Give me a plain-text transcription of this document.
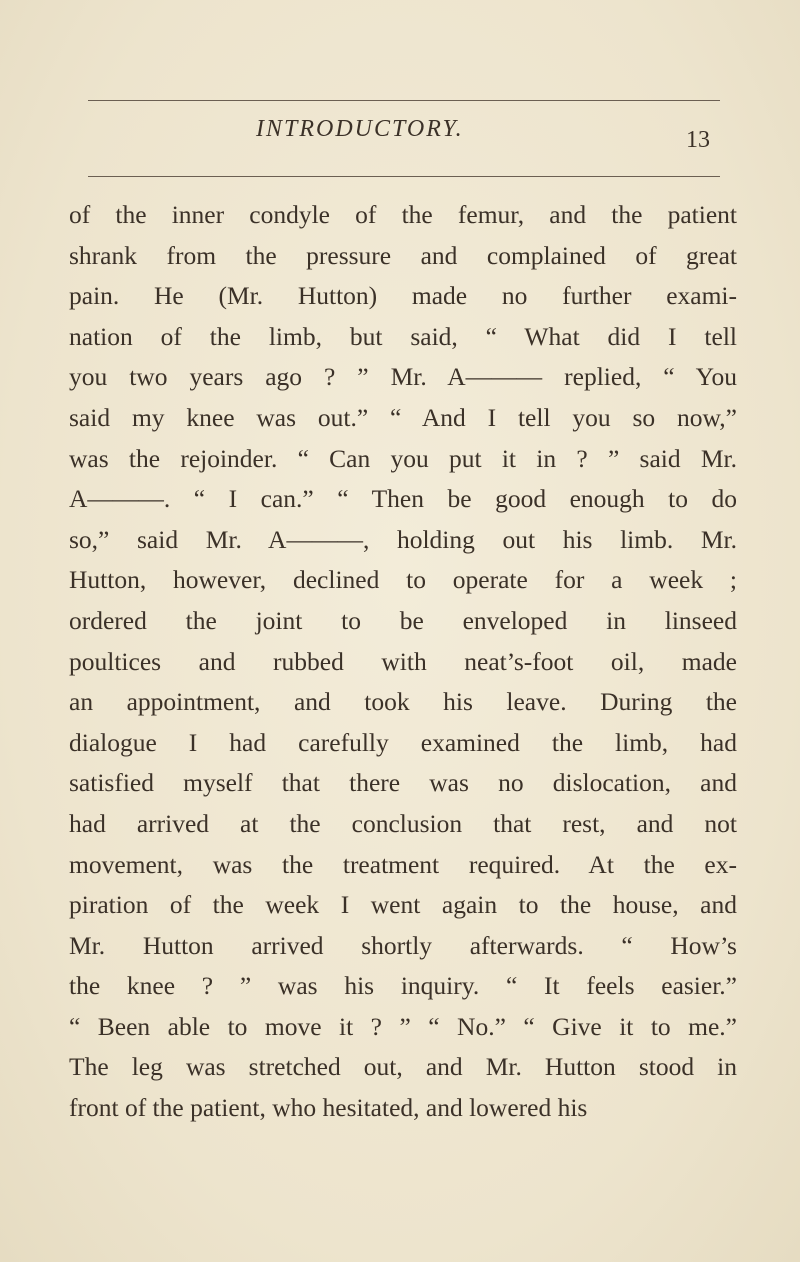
INTRODUCTORY.	13
of the inner condyle of the femur, and the patient
shrank from the pressure and complained of great
pain. He (Mr. Hutton) made no further exami-
nation of the limb, but said, “ What did I tell
you two years ago ? ” Mr. A——— replied, “ You
said my knee was out.” “ And I tell you so now,”
was the rejoinder. “ Can you put it in ? ” said Mr.
A———. “ I can.” “ Then be good enough to do
so,” said Mr. A———, holding out his limb. Mr.
Hutton, however, declined to operate for a week ;
ordered the joint to be enveloped in linseed
poultices and rubbed with neat’s-foot oil, made
an appointment, and took his leave. During the
dialogue I had carefully examined the limb, had
satisfied myself that there was no dislocation, and
had arrived at the conclusion that rest, and not
movement, was the treatment required. At the ex-
piration of the week I went again to the house, and
Mr. Hutton arrived shortly afterwards. “ How’s
the knee ? ” was his inquiry. “ It feels easier.”
“ Been able to move it ? ” “ No.” “ Give it to me.”
The leg was stretched out, and Mr. Hutton stood in
front of the patient, who hesitated, and lowered his
